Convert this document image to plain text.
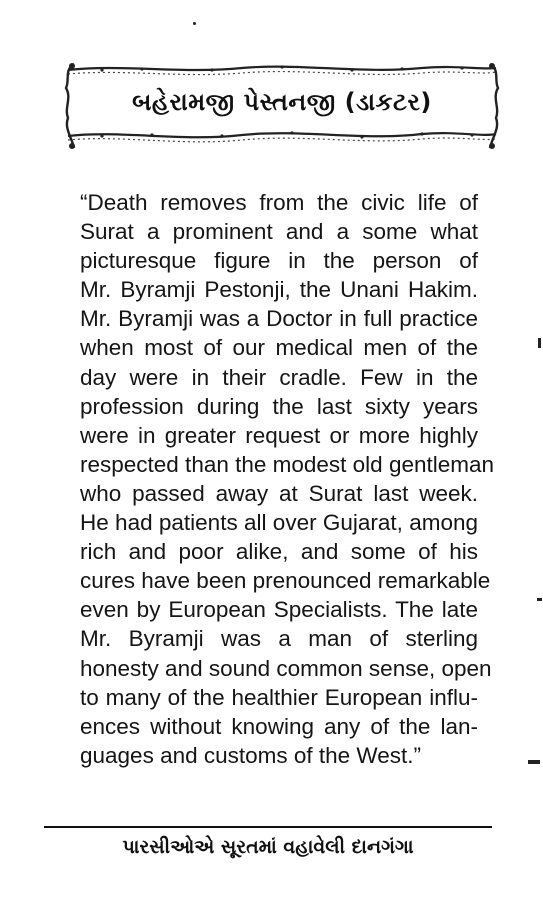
બહેરામજી પેસ્તનજી (ડાકટર)
“Death removes from the civic life of
Surat a prominent and a some what
picturesque figure in the person of
Mr. Byramji Pestonji, the Unani Hakim.
Mr. Byramji was a Doctor in full practice
when most of our medical men of the
day were in their cradle. Few in the
profession during the last sixty years
were in greater request or more highly
respected than the modest old gentleman
who passed away at Surat last week.
He had patients all over Gujarat, among
rich and poor alike, and some of his
cures have been prenounced remarkable
even by European Specialists. The late
Mr. Byramji was a man of sterling
honesty and sound common sense, open
to many of the healthier European influ-
ences without knowing any of the lan-
guages and customs of the West.”
પારસીઓએ સૂરતમાં વહાવેલી દાનગંગા
